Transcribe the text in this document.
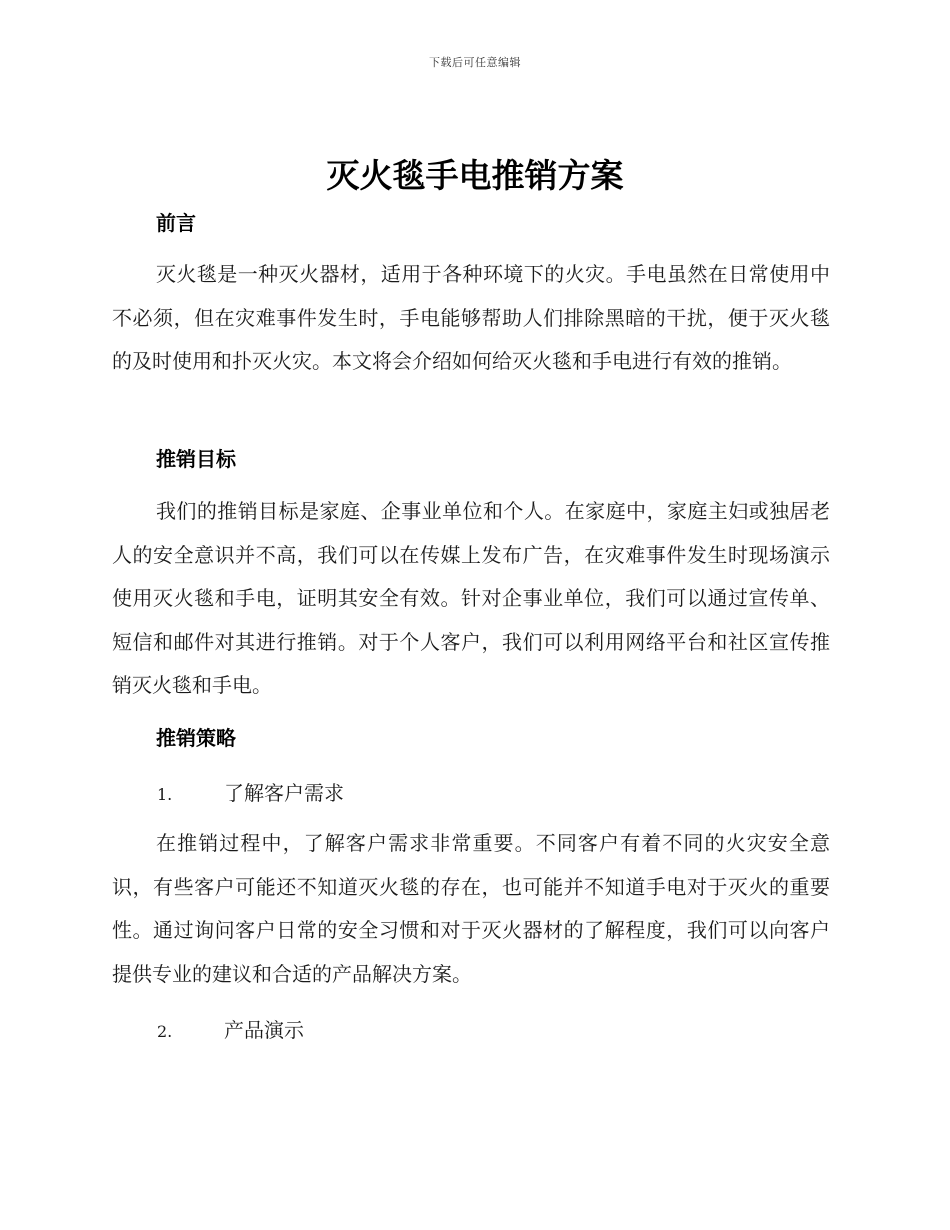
下载后可任意编辑
灭火毯手电推销方案
前言

灭火毯是一种灭火器材，适用于各种环境下的火灾。手电虽然在日常使用中不必须，但在灾难事件发生时，手电能够帮助人们排除黑暗的干扰，便于灭火毯的及时使用和扑灭火灾。本文将会介绍如何给灭火毯和手电进行有效的推销。

推销目标

我们的推销目标是家庭、企事业单位和个人。在家庭中，家庭主妇或独居老人的安全意识并不高，我们可以在传媒上发布广告，在灾难事件发生时现场演示使用灭火毯和手电，证明其安全有效。针对企事业单位，我们可以通过宣传单、短信和邮件对其进行推销。对于个人客户，我们可以利用网络平台和社区宣传推销灭火毯和手电。

推销策略
1.	了解客户需求

在推销过程中，了解客户需求非常重要。不同客户有着不同的火灾安全意识，有些客户可能还不知道灭火毯的存在，也可能并不知道手电对于灭火的重要性。通过询问客户日常的安全习惯和对于灭火器材的了解程度，我们可以向客户提供专业的建议和合适的产品解决方案。

2.	产品演示
